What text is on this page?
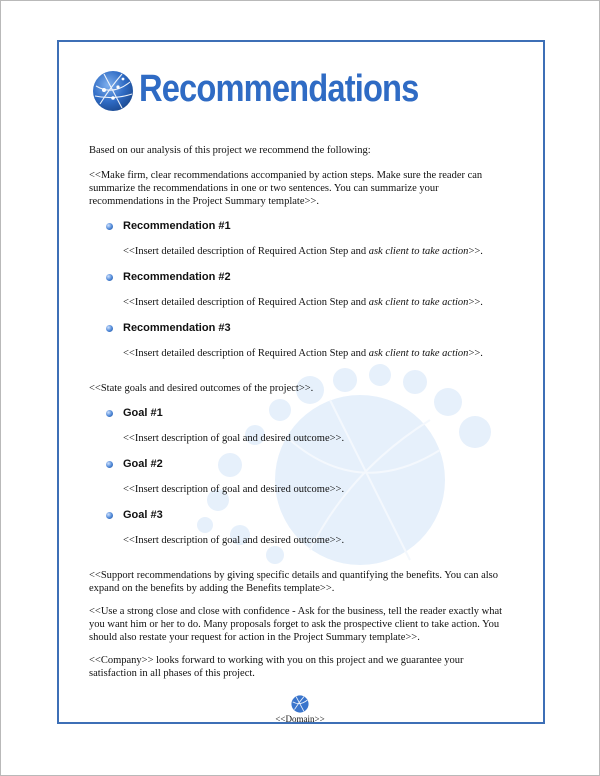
Recommendations

Based on our analysis of this project we recommend the following:

<<Make firm, clear recommendations accompanied by action steps. Make sure the reader can summarize the recommendations in one or two sentences. You can summarize your recommendations in the Project Summary template>>.

Recommendation #1

<<Insert detailed description of Required Action Step and ask client to take action>>.

Recommendation #2

<<Insert detailed description of Required Action Step and ask client to take action>>.

Recommendation #3

<<Insert detailed description of Required Action Step and ask client to take action>>.

<<State goals and desired outcomes of the project>>.

Goal #1

<<Insert description of goal and desired outcome>>.

Goal #2

<<Insert description of goal and desired outcome>>.

Goal #3

<<Insert description of goal and desired outcome>>.

<<Support recommendations by giving specific details and quantifying the benefits. You can also expand on the benefits by adding the Benefits template>>.

<<Use a strong close and close with confidence - Ask for the business, tell the reader exactly what you want him or her to do. Many proposals forget to ask the prospective client to take action. You should also restate your request for action in the Project Summary template>>.

<<Company>> looks forward to working with you on this project and we guarantee your satisfaction in all phases of this project.

<<Domain>>
